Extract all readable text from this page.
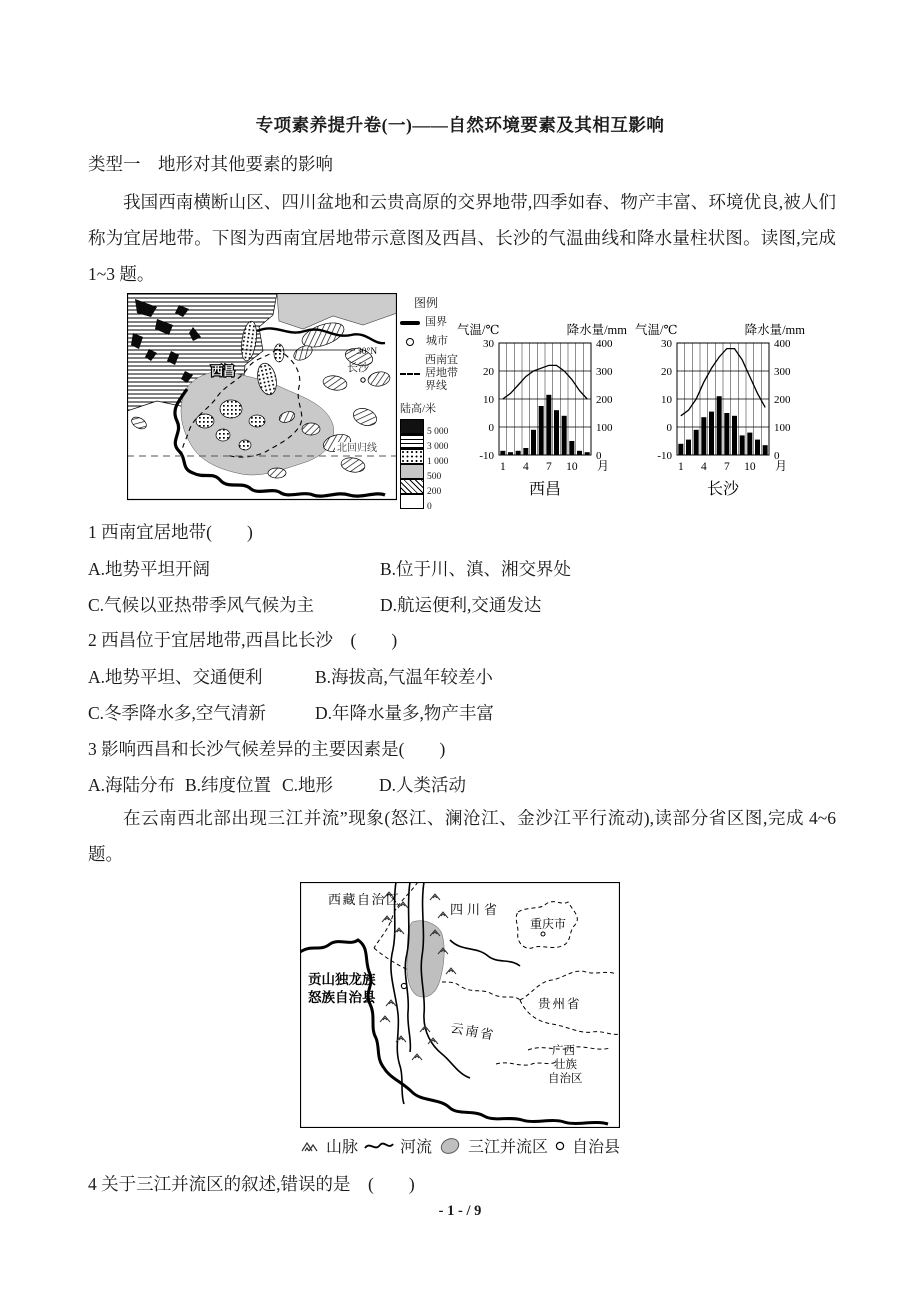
专项素养提升卷(一)——自然环境要素及其相互影响
类型一　地形对其他要素的影响
我国西南横断山区、四川盆地和云贵高原的交界地带,四季如春、物产丰富、环境优良,被人们称为宜居地带。下图为西南宜居地带示意图及西昌、长沙的气温曲线和降水量柱状图。读图,完成 1~3 题。
30°N
北回归线
西昌	长沙
图例
国界
城市
西南宜居地带界线
陆高/米
5 000
3 000
1 000
500
200
0
气温/℃	降水量/mm
30	400
20	300
10	200
0	100
-10	0
1 4 7 10 月
西昌
气温/℃	降水量/mm
30	400
20	300
10	200
0	100
-10	0
1 4 7 10 月
长沙
1 西南宜居地带(　　)
A.地势平坦开阔	B.位于川、滇、湘交界处
C.气候以亚热带季风气候为主	D.航运便利,交通发达
2 西昌位于宜居地带,西昌比长沙　(　　)
A.地势平坦、交通便利	B.海拔高,气温年较差小
C.冬季降水多,空气清新	D.年降水量多,物产丰富
3 影响西昌和长沙气候差异的主要因素是(　　)
A.海陆分布 B.纬度位置 C.地形	D.人类活动
在云南西北部出现三江并流”现象(怒江、澜沧江、金沙江平行流动),读部分省区图,完成 4~6 题。
西藏自治区
四川省
重庆市
贡山独龙族
怒族自治县
云南省
贵州省
广西
壮族
自治区
山脉	河流 三江并流区 自治县
4 关于三江并流区的叙述,错误的是　(　　)
- 1 - / 9
